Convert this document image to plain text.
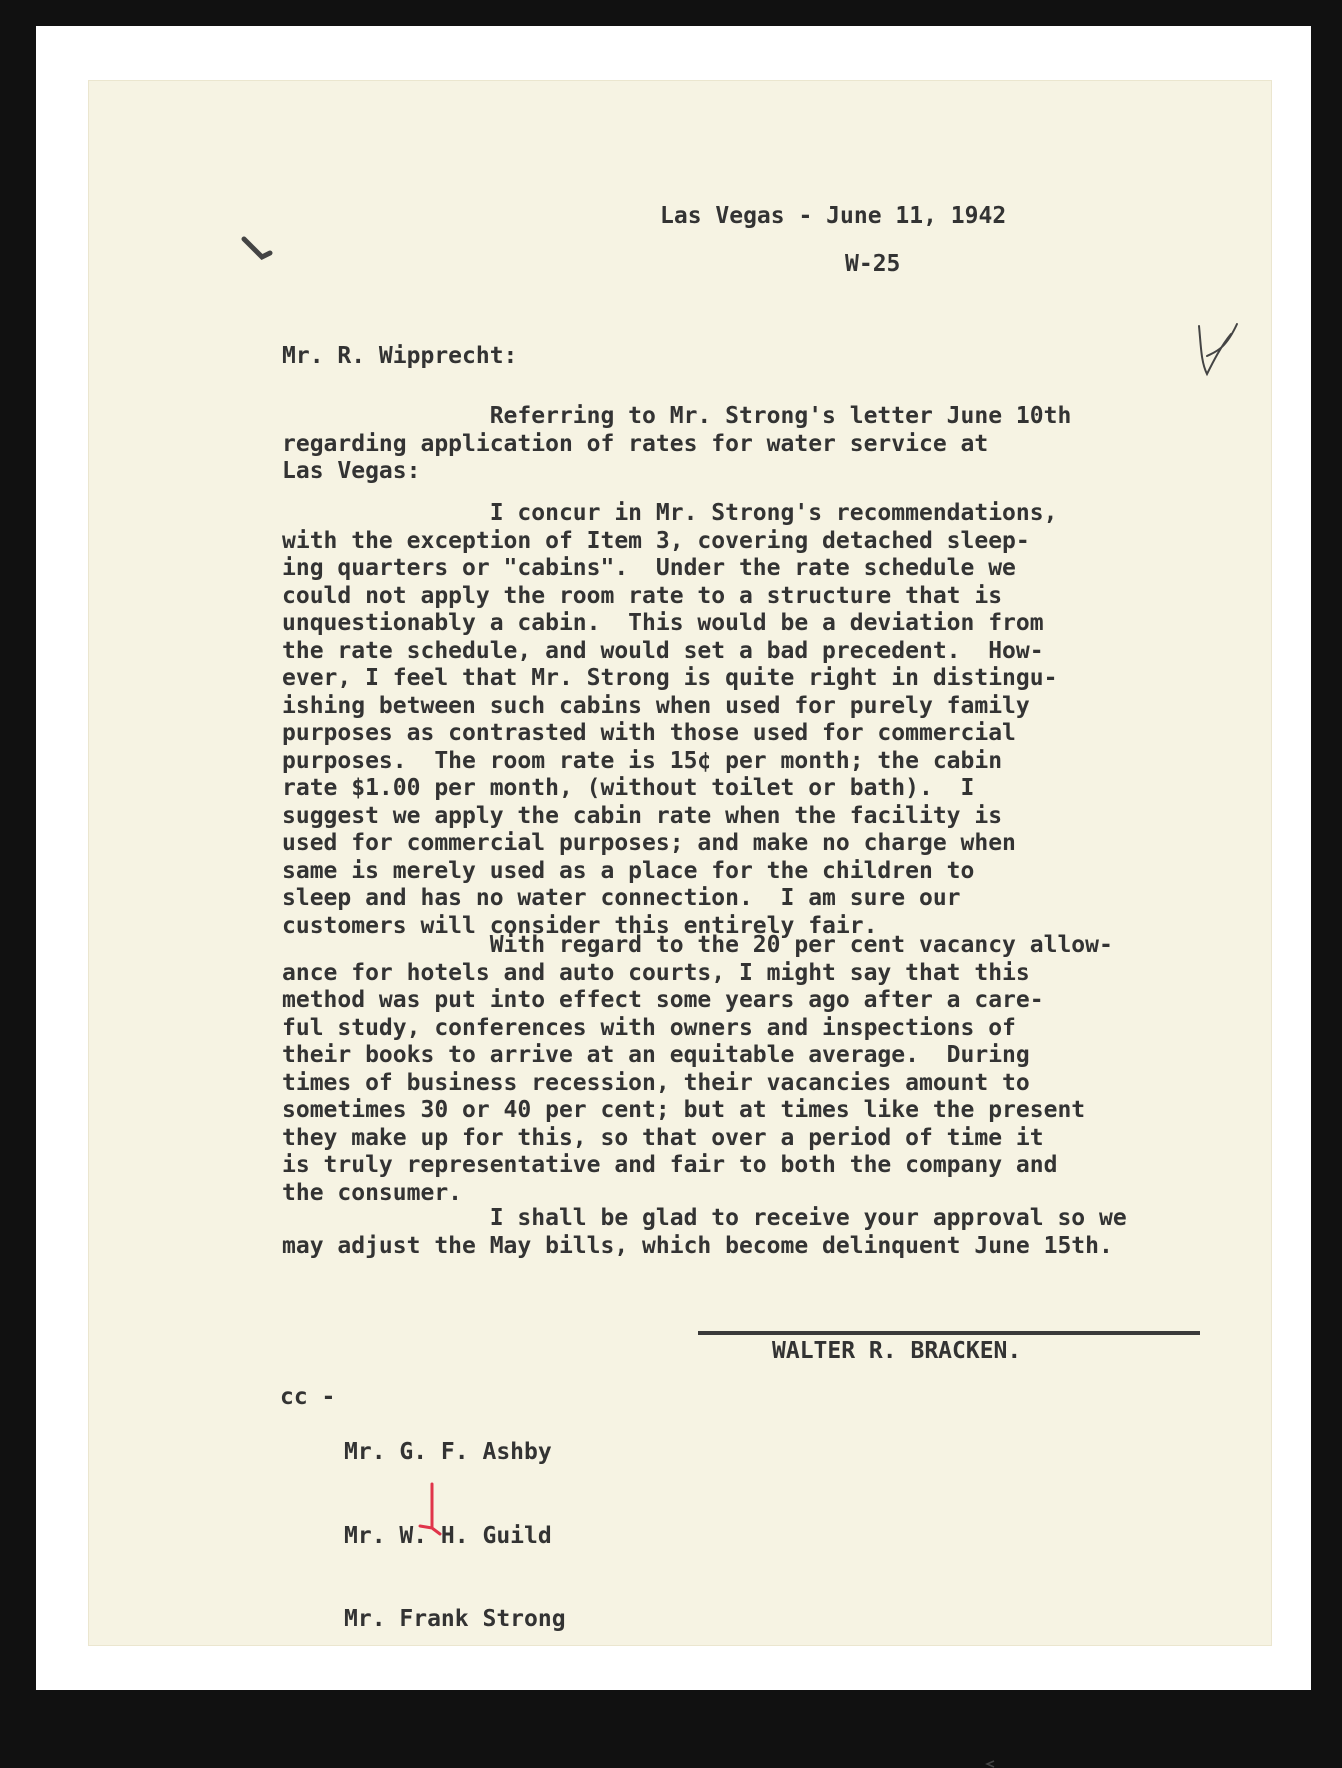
Las Vegas - June 11, 1942
W-25
Mr. R. Wipprecht:
Referring to Mr. Strong's letter June 10th
regarding application of rates for water service at
Las Vegas:
I concur in Mr. Strong's recommendations,
with the exception of Item 3, covering detached sleep-
ing quarters or "cabins".  Under the rate schedule we
could not apply the room rate to a structure that is
unquestionably a cabin.  This would be a deviation from
the rate schedule, and would set a bad precedent.  How-
ever, I feel that Mr. Strong is quite right in distingu-
ishing between such cabins when used for purely family
purposes as contrasted with those used for commercial
purposes.  The room rate is 15¢ per month; the cabin
rate $1.00 per month, (without toilet or bath).  I
suggest we apply the cabin rate when the facility is
used for commercial purposes; and make no charge when
same is merely used as a place for the children to
sleep and has no water connection.  I am sure our
customers will consider this entirely fair.
With regard to the 20 per cent vacancy allow-
ance for hotels and auto courts, I might say that this
method was put into effect some years ago after a care-
ful study, conferences with owners and inspections of
their books to arrive at an equitable average.  During
times of business recession, their vacancies amount to
sometimes 30 or 40 per cent; but at times like the present
they make up for this, so that over a period of time it
is truly representative and fair to both the company and
the consumer.
I shall be glad to receive your approval so we
may adjust the May bills, which become delinquent June 15th.
WALTER R. BRACKEN.
cc -

Mr. G. F. Ashby

Mr. W. H. Guild

Mr. Frank Strong
